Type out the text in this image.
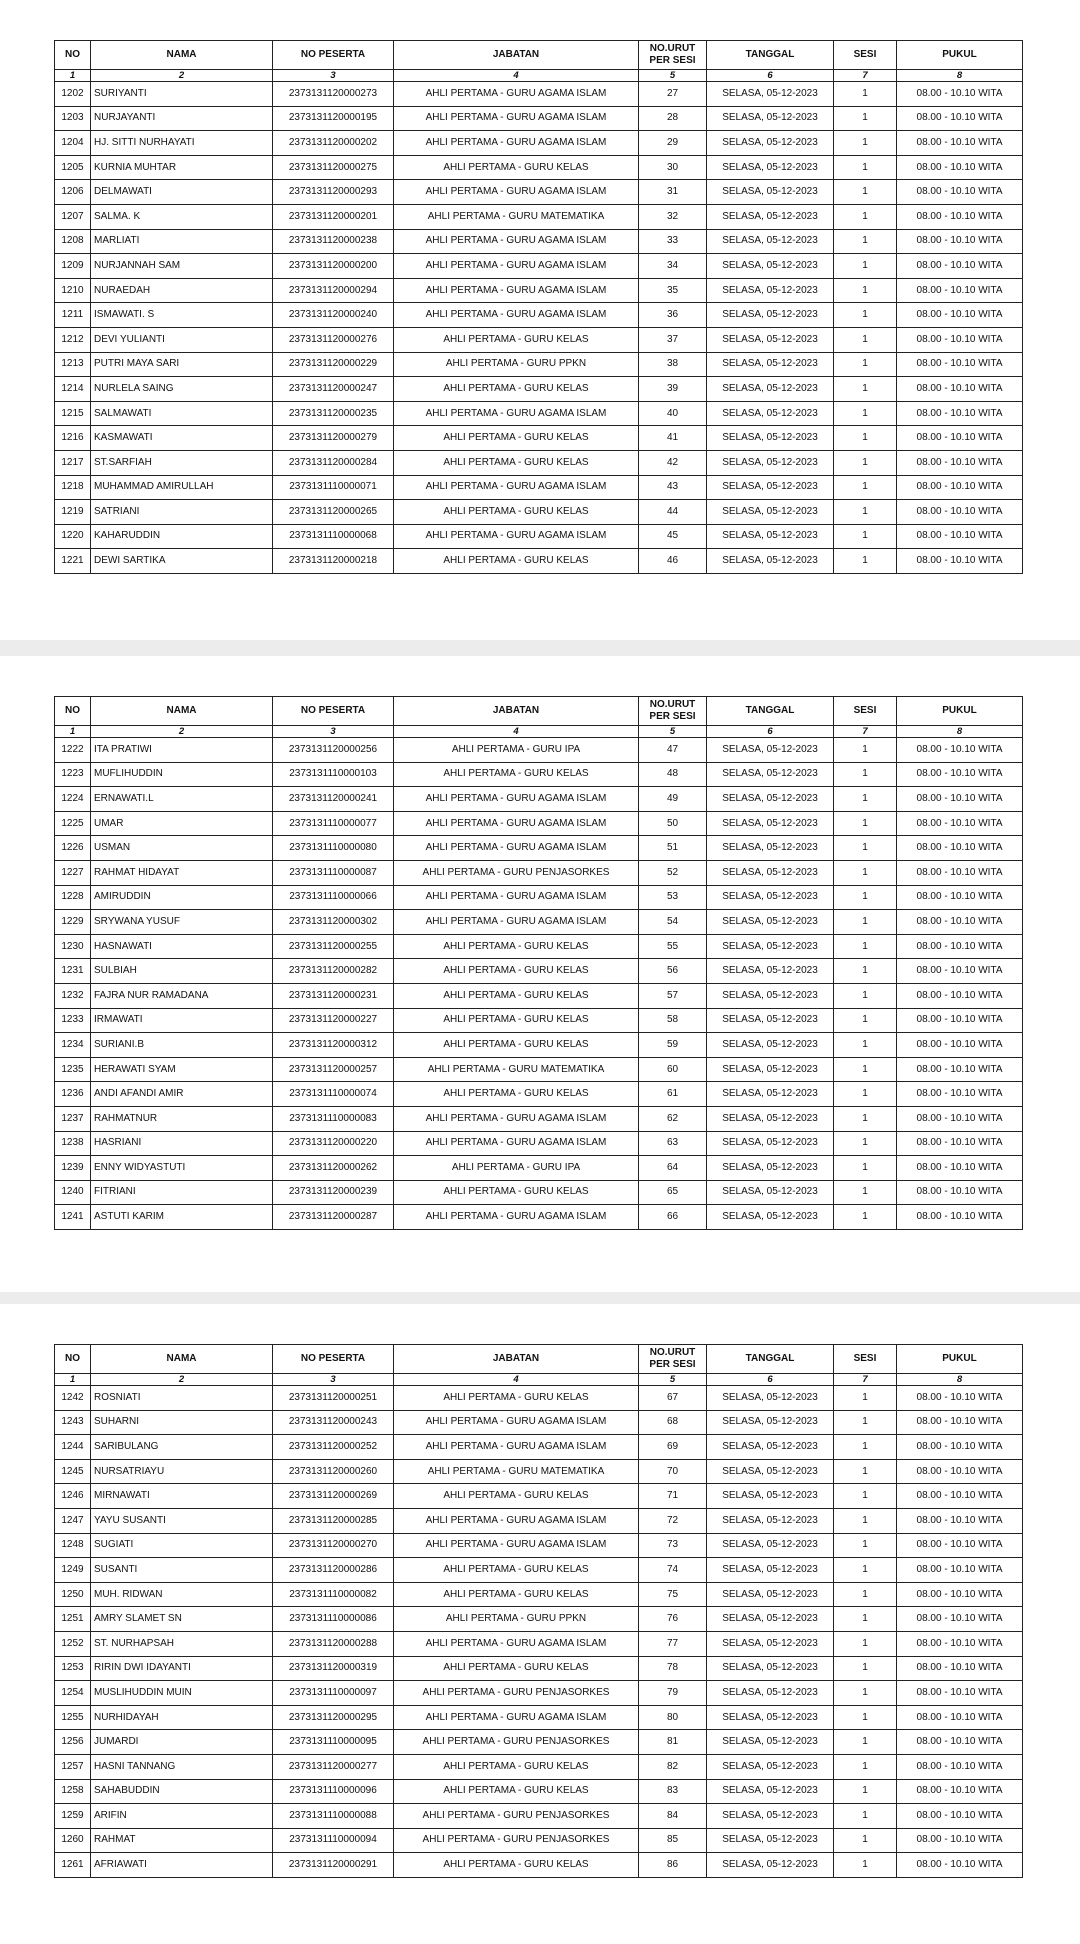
NO	NAMA	NO PESERTA	JABATAN	NO.URUT PER SESI	TANGGAL	SESI	PUKUL
1	2	3	4	5	6	7	8
1202	SURIYANTI	2373131120000273	AHLI PERTAMA - GURU AGAMA ISLAM	27	SELASA, 05-12-2023	1	08.00 - 10.10 WITA
1203	NURJAYANTI	2373131120000195	AHLI PERTAMA - GURU AGAMA ISLAM	28	SELASA, 05-12-2023	1	08.00 - 10.10 WITA
1204	HJ. SITTI NURHAYATI	2373131120000202	AHLI PERTAMA - GURU AGAMA ISLAM	29	SELASA, 05-12-2023	1	08.00 - 10.10 WITA
1205	KURNIA MUHTAR	2373131120000275	AHLI PERTAMA - GURU KELAS	30	SELASA, 05-12-2023	1	08.00 - 10.10 WITA
1206	DELMAWATI	2373131120000293	AHLI PERTAMA - GURU AGAMA ISLAM	31	SELASA, 05-12-2023	1	08.00 - 10.10 WITA
1207	SALMA. K	2373131120000201	AHLI PERTAMA - GURU MATEMATIKA	32	SELASA, 05-12-2023	1	08.00 - 10.10 WITA
1208	MARLIATI	2373131120000238	AHLI PERTAMA - GURU AGAMA ISLAM	33	SELASA, 05-12-2023	1	08.00 - 10.10 WITA
1209	NURJANNAH SAM	2373131120000200	AHLI PERTAMA - GURU AGAMA ISLAM	34	SELASA, 05-12-2023	1	08.00 - 10.10 WITA
1210	NURAEDAH	2373131120000294	AHLI PERTAMA - GURU AGAMA ISLAM	35	SELASA, 05-12-2023	1	08.00 - 10.10 WITA
1211	ISMAWATI. S	2373131120000240	AHLI PERTAMA - GURU AGAMA ISLAM	36	SELASA, 05-12-2023	1	08.00 - 10.10 WITA
1212	DEVI YULIANTI	2373131120000276	AHLI PERTAMA - GURU KELAS	37	SELASA, 05-12-2023	1	08.00 - 10.10 WITA
1213	PUTRI MAYA SARI	2373131120000229	AHLI PERTAMA - GURU PPKN	38	SELASA, 05-12-2023	1	08.00 - 10.10 WITA
1214	NURLELA SAING	2373131120000247	AHLI PERTAMA - GURU KELAS	39	SELASA, 05-12-2023	1	08.00 - 10.10 WITA
1215	SALMAWATI	2373131120000235	AHLI PERTAMA - GURU AGAMA ISLAM	40	SELASA, 05-12-2023	1	08.00 - 10.10 WITA
1216	KASMAWATI	2373131120000279	AHLI PERTAMA - GURU KELAS	41	SELASA, 05-12-2023	1	08.00 - 10.10 WITA
1217	ST.SARFIAH	2373131120000284	AHLI PERTAMA - GURU KELAS	42	SELASA, 05-12-2023	1	08.00 - 10.10 WITA
1218	MUHAMMAD AMIRULLAH	2373131110000071	AHLI PERTAMA - GURU AGAMA ISLAM	43	SELASA, 05-12-2023	1	08.00 - 10.10 WITA
1219	SATRIANI	2373131120000265	AHLI PERTAMA - GURU KELAS	44	SELASA, 05-12-2023	1	08.00 - 10.10 WITA
1220	KAHARUDDIN	2373131110000068	AHLI PERTAMA - GURU AGAMA ISLAM	45	SELASA, 05-12-2023	1	08.00 - 10.10 WITA
1221	DEWI SARTIKA	2373131120000218	AHLI PERTAMA - GURU KELAS	46	SELASA, 05-12-2023	1	08.00 - 10.10 WITA
NO	NAMA	NO PESERTA	JABATAN	NO.URUT PER SESI	TANGGAL	SESI	PUKUL
1	2	3	4	5	6	7	8
1222	ITA PRATIWI	2373131120000256	AHLI PERTAMA - GURU IPA	47	SELASA, 05-12-2023	1	08.00 - 10.10 WITA
1223	MUFLIHUDDIN	2373131110000103	AHLI PERTAMA - GURU KELAS	48	SELASA, 05-12-2023	1	08.00 - 10.10 WITA
1224	ERNAWATI.L	2373131120000241	AHLI PERTAMA - GURU AGAMA ISLAM	49	SELASA, 05-12-2023	1	08.00 - 10.10 WITA
1225	UMAR	2373131110000077	AHLI PERTAMA - GURU AGAMA ISLAM	50	SELASA, 05-12-2023	1	08.00 - 10.10 WITA
1226	USMAN	2373131110000080	AHLI PERTAMA - GURU AGAMA ISLAM	51	SELASA, 05-12-2023	1	08.00 - 10.10 WITA
1227	RAHMAT HIDAYAT	2373131110000087	AHLI PERTAMA - GURU PENJASORKES	52	SELASA, 05-12-2023	1	08.00 - 10.10 WITA
1228	AMIRUDDIN	2373131110000066	AHLI PERTAMA - GURU AGAMA ISLAM	53	SELASA, 05-12-2023	1	08.00 - 10.10 WITA
1229	SRYWANA YUSUF	2373131120000302	AHLI PERTAMA - GURU AGAMA ISLAM	54	SELASA, 05-12-2023	1	08.00 - 10.10 WITA
1230	HASNAWATI	2373131120000255	AHLI PERTAMA - GURU KELAS	55	SELASA, 05-12-2023	1	08.00 - 10.10 WITA
1231	SULBIAH	2373131120000282	AHLI PERTAMA - GURU KELAS	56	SELASA, 05-12-2023	1	08.00 - 10.10 WITA
1232	FAJRA NUR RAMADANA	2373131120000231	AHLI PERTAMA - GURU KELAS	57	SELASA, 05-12-2023	1	08.00 - 10.10 WITA
1233	IRMAWATI	2373131120000227	AHLI PERTAMA - GURU KELAS	58	SELASA, 05-12-2023	1	08.00 - 10.10 WITA
1234	SURIANI.B	2373131120000312	AHLI PERTAMA - GURU KELAS	59	SELASA, 05-12-2023	1	08.00 - 10.10 WITA
1235	HERAWATI SYAM	2373131120000257	AHLI PERTAMA - GURU MATEMATIKA	60	SELASA, 05-12-2023	1	08.00 - 10.10 WITA
1236	ANDI AFANDI AMIR	2373131110000074	AHLI PERTAMA - GURU KELAS	61	SELASA, 05-12-2023	1	08.00 - 10.10 WITA
1237	RAHMATNUR	2373131110000083	AHLI PERTAMA - GURU AGAMA ISLAM	62	SELASA, 05-12-2023	1	08.00 - 10.10 WITA
1238	HASRIANI	2373131120000220	AHLI PERTAMA - GURU AGAMA ISLAM	63	SELASA, 05-12-2023	1	08.00 - 10.10 WITA
1239	ENNY WIDYASTUTI	2373131120000262	AHLI PERTAMA - GURU IPA	64	SELASA, 05-12-2023	1	08.00 - 10.10 WITA
1240	FITRIANI	2373131120000239	AHLI PERTAMA - GURU KELAS	65	SELASA, 05-12-2023	1	08.00 - 10.10 WITA
1241	ASTUTI KARIM	2373131120000287	AHLI PERTAMA - GURU AGAMA ISLAM	66	SELASA, 05-12-2023	1	08.00 - 10.10 WITA
NO	NAMA	NO PESERTA	JABATAN	NO.URUT PER SESI	TANGGAL	SESI	PUKUL
1	2	3	4	5	6	7	8
1242	ROSNIATI	2373131120000251	AHLI PERTAMA - GURU KELAS	67	SELASA, 05-12-2023	1	08.00 - 10.10 WITA
1243	SUHARNI	2373131120000243	AHLI PERTAMA - GURU AGAMA ISLAM	68	SELASA, 05-12-2023	1	08.00 - 10.10 WITA
1244	SARIBULANG	2373131120000252	AHLI PERTAMA - GURU AGAMA ISLAM	69	SELASA, 05-12-2023	1	08.00 - 10.10 WITA
1245	NURSATRIAYU	2373131120000260	AHLI PERTAMA - GURU MATEMATIKA	70	SELASA, 05-12-2023	1	08.00 - 10.10 WITA
1246	MIRNAWATI	2373131120000269	AHLI PERTAMA - GURU KELAS	71	SELASA, 05-12-2023	1	08.00 - 10.10 WITA
1247	YAYU SUSANTI	2373131120000285	AHLI PERTAMA - GURU AGAMA ISLAM	72	SELASA, 05-12-2023	1	08.00 - 10.10 WITA
1248	SUGIATI	2373131120000270	AHLI PERTAMA - GURU AGAMA ISLAM	73	SELASA, 05-12-2023	1	08.00 - 10.10 WITA
1249	SUSANTI	2373131120000286	AHLI PERTAMA - GURU KELAS	74	SELASA, 05-12-2023	1	08.00 - 10.10 WITA
1250	MUH. RIDWAN	2373131110000082	AHLI PERTAMA - GURU KELAS	75	SELASA, 05-12-2023	1	08.00 - 10.10 WITA
1251	AMRY SLAMET SN	2373131110000086	AHLI PERTAMA - GURU PPKN	76	SELASA, 05-12-2023	1	08.00 - 10.10 WITA
1252	ST. NURHAPSAH	2373131120000288	AHLI PERTAMA - GURU AGAMA ISLAM	77	SELASA, 05-12-2023	1	08.00 - 10.10 WITA
1253	RIRIN DWI IDAYANTI	2373131120000319	AHLI PERTAMA - GURU KELAS	78	SELASA, 05-12-2023	1	08.00 - 10.10 WITA
1254	MUSLIHUDDIN MUIN	2373131110000097	AHLI PERTAMA - GURU PENJASORKES	79	SELASA, 05-12-2023	1	08.00 - 10.10 WITA
1255	NURHIDAYAH	2373131120000295	AHLI PERTAMA - GURU AGAMA ISLAM	80	SELASA, 05-12-2023	1	08.00 - 10.10 WITA
1256	JUMARDI	2373131110000095	AHLI PERTAMA - GURU PENJASORKES	81	SELASA, 05-12-2023	1	08.00 - 10.10 WITA
1257	HASNI TANNANG	2373131120000277	AHLI PERTAMA - GURU KELAS	82	SELASA, 05-12-2023	1	08.00 - 10.10 WITA
1258	SAHABUDDIN	2373131110000096	AHLI PERTAMA - GURU KELAS	83	SELASA, 05-12-2023	1	08.00 - 10.10 WITA
1259	ARIFIN	2373131110000088	AHLI PERTAMA - GURU PENJASORKES	84	SELASA, 05-12-2023	1	08.00 - 10.10 WITA
1260	RAHMAT	2373131110000094	AHLI PERTAMA - GURU PENJASORKES	85	SELASA, 05-12-2023	1	08.00 - 10.10 WITA
1261	AFRIAWATI	2373131120000291	AHLI PERTAMA - GURU KELAS	86	SELASA, 05-12-2023	1	08.00 - 10.10 WITA
